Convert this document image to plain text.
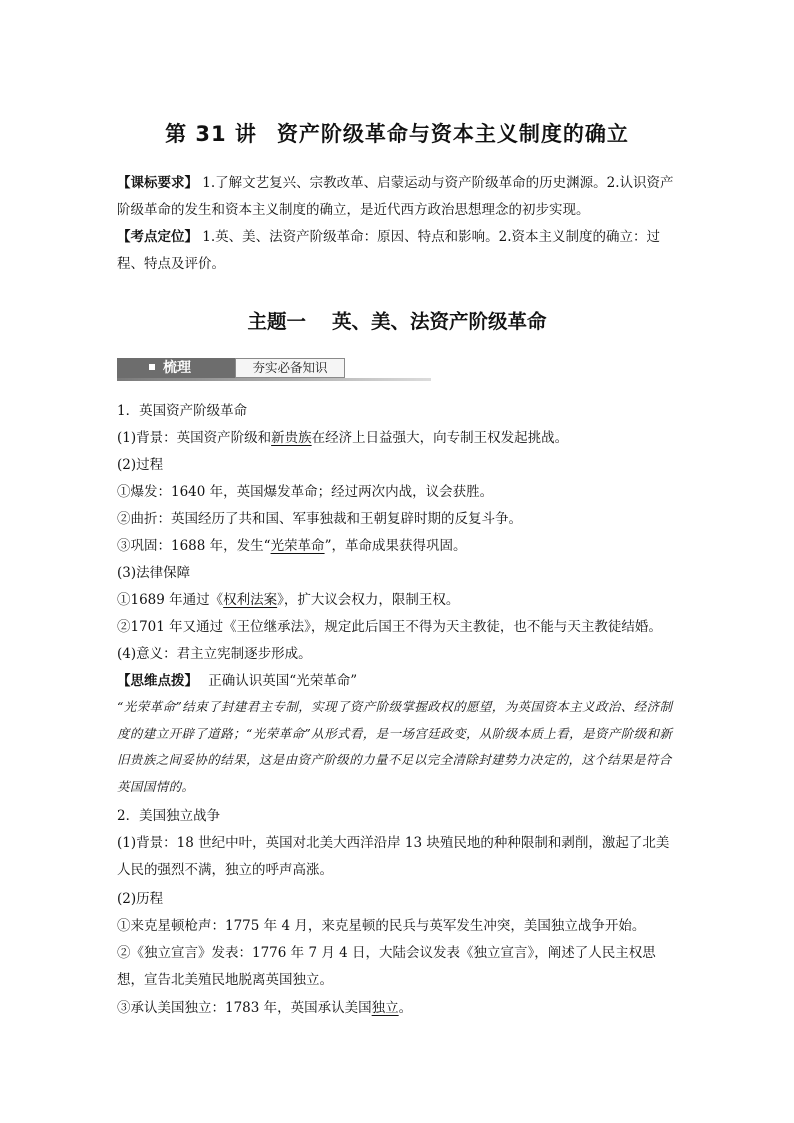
第 31 讲 资产阶级革命与资本主义制度的确立

【课标要求】 1.了解文艺复兴、宗教改革、启蒙运动与资产阶级革命的历史渊源。2.认识资产阶级革命的发生和资本主义制度的确立，是近代西方政治思想理念的初步实现。

【考点定位】 1.英、美、法资产阶级革命：原因、特点和影响。2.资本主义制度的确立：过程、特点及评价。

主题一 英、美、法资产阶级革命
梳理	夯实必备知识
1．英国资产阶级革命
(1)背景：英国资产阶级和新贵族在经济上日益强大，向专制王权发起挑战。
(2)过程
①爆发：1640 年，英国爆发革命；经过两次内战，议会获胜。
②曲折：英国经历了共和国、军事独裁和王朝复辟时期的反复斗争。
③巩固：1688 年，发生“光荣革命”，革命成果获得巩固。
(3)法律保障
①1689 年通过《权利法案》，扩大议会权力，限制王权。
②1701 年又通过《王位继承法》，规定此后国王不得为天主教徒，也不能与天主教徒结婚。
(4)意义：君主立宪制逐步形成。
【思维点拨】 正确认识英国“光荣革命”

“光荣革命”结束了封建君主专制，实现了资产阶级掌握政权的愿望，为英国资本主义政治、经济制度的建立开辟了道路；“光荣革命”从形式看，是一场宫廷政变，从阶级本质上看，是资产阶级和新旧贵族之间妥协的结果，这是由资产阶级的力量不足以完全清除封建势力决定的，这个结果是符合英国国情的。

2．美国独立战争
(1)背景：18 世纪中叶，英国对北美大西洋沿岸 13 块殖民地的种种限制和剥削，激起了北美人民的强烈不满，独立的呼声高涨。
(2)历程
①来克星顿枪声：1775 年 4 月，来克星顿的民兵与英军发生冲突，美国独立战争开始。
②《独立宣言》发表：1776 年 7 月 4 日，大陆会议发表《独立宣言》，阐述了人民主权思想，宣告北美殖民地脱离英国独立。
③承认美国独立：1783 年，英国承认美国独立。
